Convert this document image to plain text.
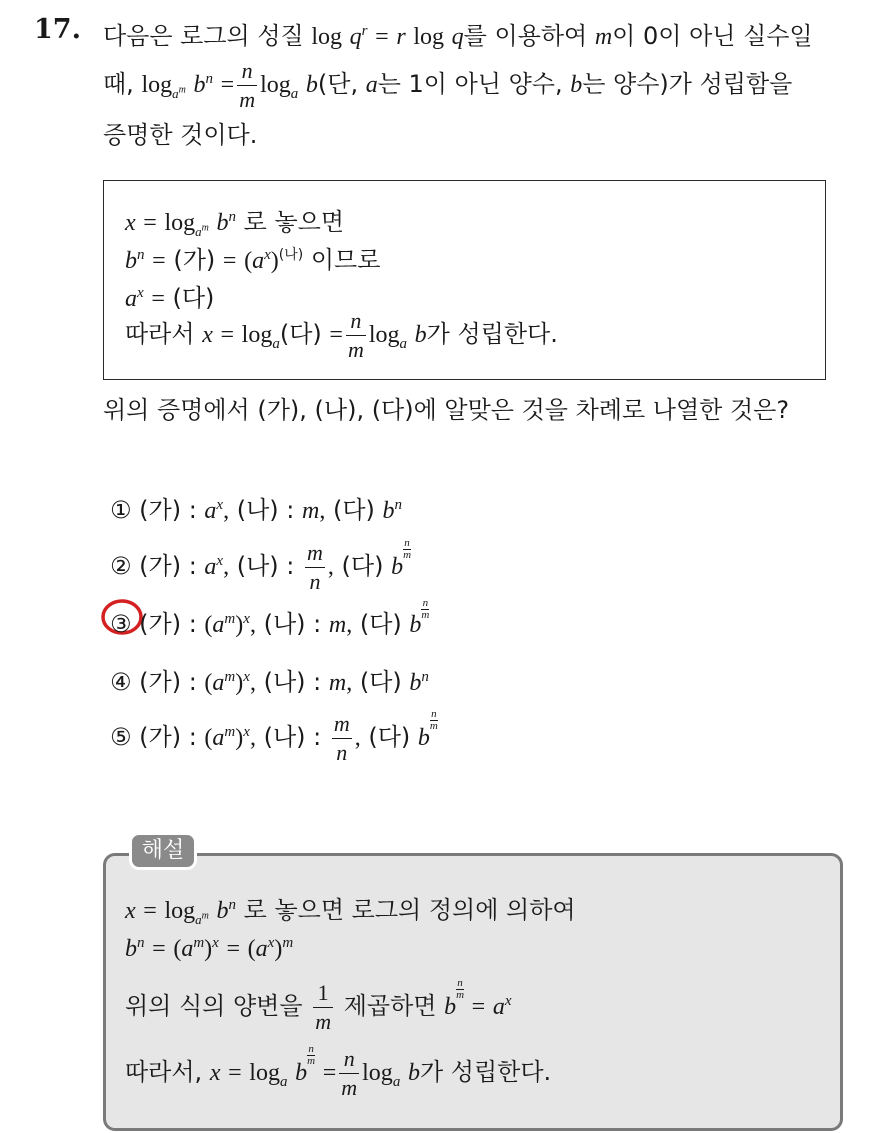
17. 다음은 로그의 성질 $\log q^r = r$ log q를 이용하여 m이 0이 아닌 실수일
때, $\log_{a^m} b^n = \frac{n}{m} \log_a b$(단, a는 1이 아닌 양수, b는 양수)가 성립함을
증명한 것이다.
$x = \log_{a^m} b^n$ 로 놓으면
$b^n$ = (가) = $(a^x)^{(나)}$ 이므로
$a^x$ = (다)
따라서 $x = \log_a$(다) = $\frac{n}{m} \log_a b$가 성립한다.
위의 증명에서 (가), (나), (다)에 알맞은 것을 차례로 나열한 것은?
① (가) : $a^x$, (나) : m, (다) $b^n$
② (가) : $a^x$, (나) : $\frac{m}{n}$ , (다) b
$\frac{n}{m}$
③ (가) : $(a^m)^x$, (나) : m, (다) b
$\frac{n}{m}$
④ (가) : $(a^m)^x$, (나) : m, (다) $b^n$
⑤ (가) : $(a^m)^x$, (나) : $\frac{m}{n}$ , (다) b
$\frac{n}{m}$
해설
$x = \log_{a^m} b^n$ 로 놓으면 로그의 정의에 의하여
$b^n = (a^m)^x = (a^x)^m$
위의 식의 양변을 $\frac{1}{m}$ 제곱하면 b
$\frac{n}{m}$
= $a^x$
따라서, $x = \log_a b$
$\frac{n}{m}$
= $\frac{n}{m} \log_a b$가 성립한다.
